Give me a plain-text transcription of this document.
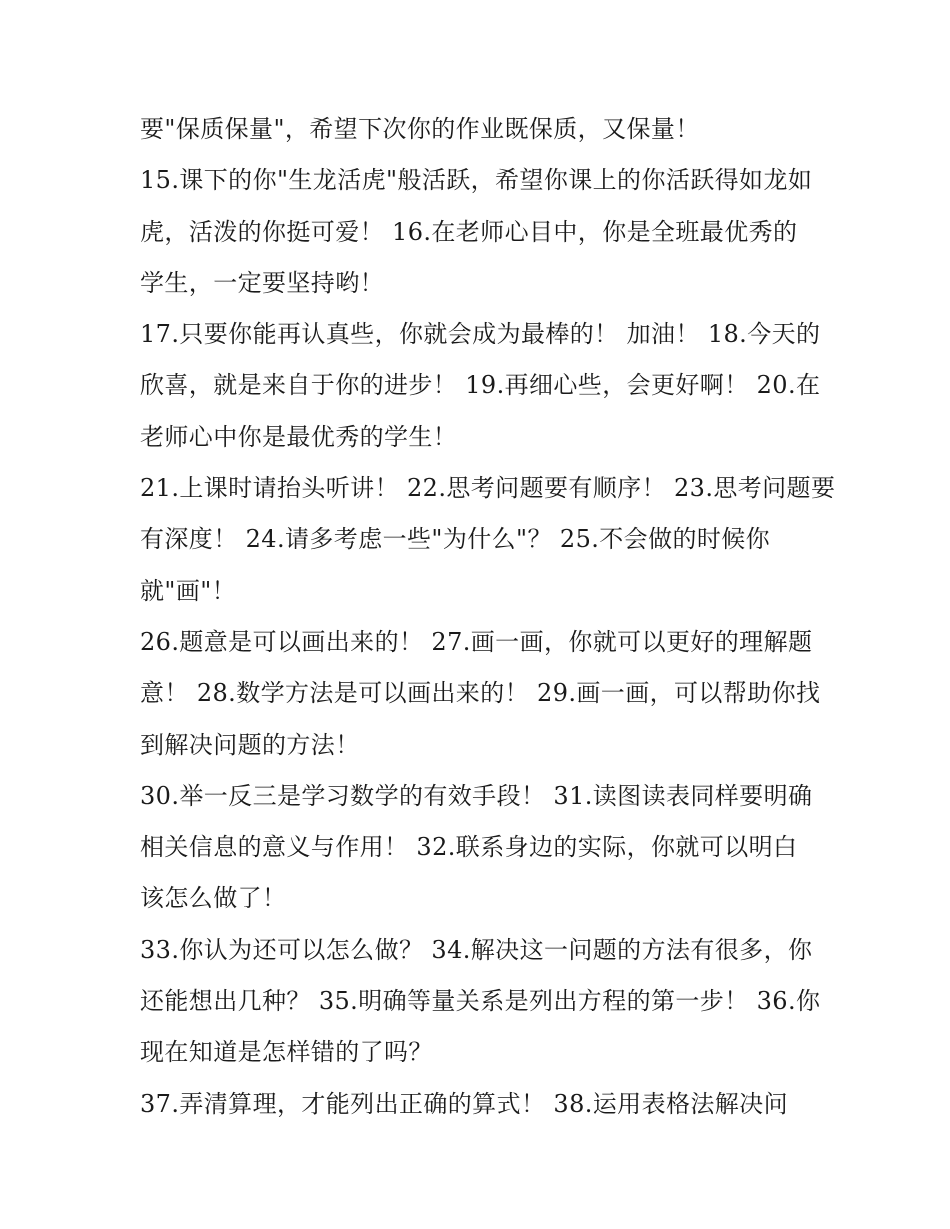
要"保质保量"，希望下次你的作业既保质，又保量！
15.课下的你"生龙活虎"般活跃，希望你课上的你活跃得如龙如
虎，活泼的你挺可爱！ 16.在老师心目中，你是全班最优秀的
学生，一定要坚持哟！
17.只要你能再认真些，你就会成为最棒的！ 加油！ 18.今天的
欣喜，就是来自于你的进步！ 19.再细心些，会更好啊！ 20.在
老师心中你是最优秀的学生！
21.上课时请抬头听讲！ 22.思考问题要有顺序！ 23.思考问题要
有深度！ 24.请多考虑一些"为什么"？ 25.不会做的时候你
就"画"！
26.题意是可以画出来的！ 27.画一画，你就可以更好的理解题
意！ 28.数学方法是可以画出来的！ 29.画一画，可以帮助你找
到解决问题的方法！
30.举一反三是学习数学的有效手段！ 31.读图读表同样要明确
相关信息的意义与作用！ 32.联系身边的实际，你就可以明白
该怎么做了！
33.你认为还可以怎么做？ 34.解决这一问题的方法有很多，你
还能想出几种？ 35.明确等量关系是列出方程的第一步！ 36.你
现在知道是怎样错的了吗？
37.弄清算理，才能列出正确的算式！ 38.运用表格法解决问
